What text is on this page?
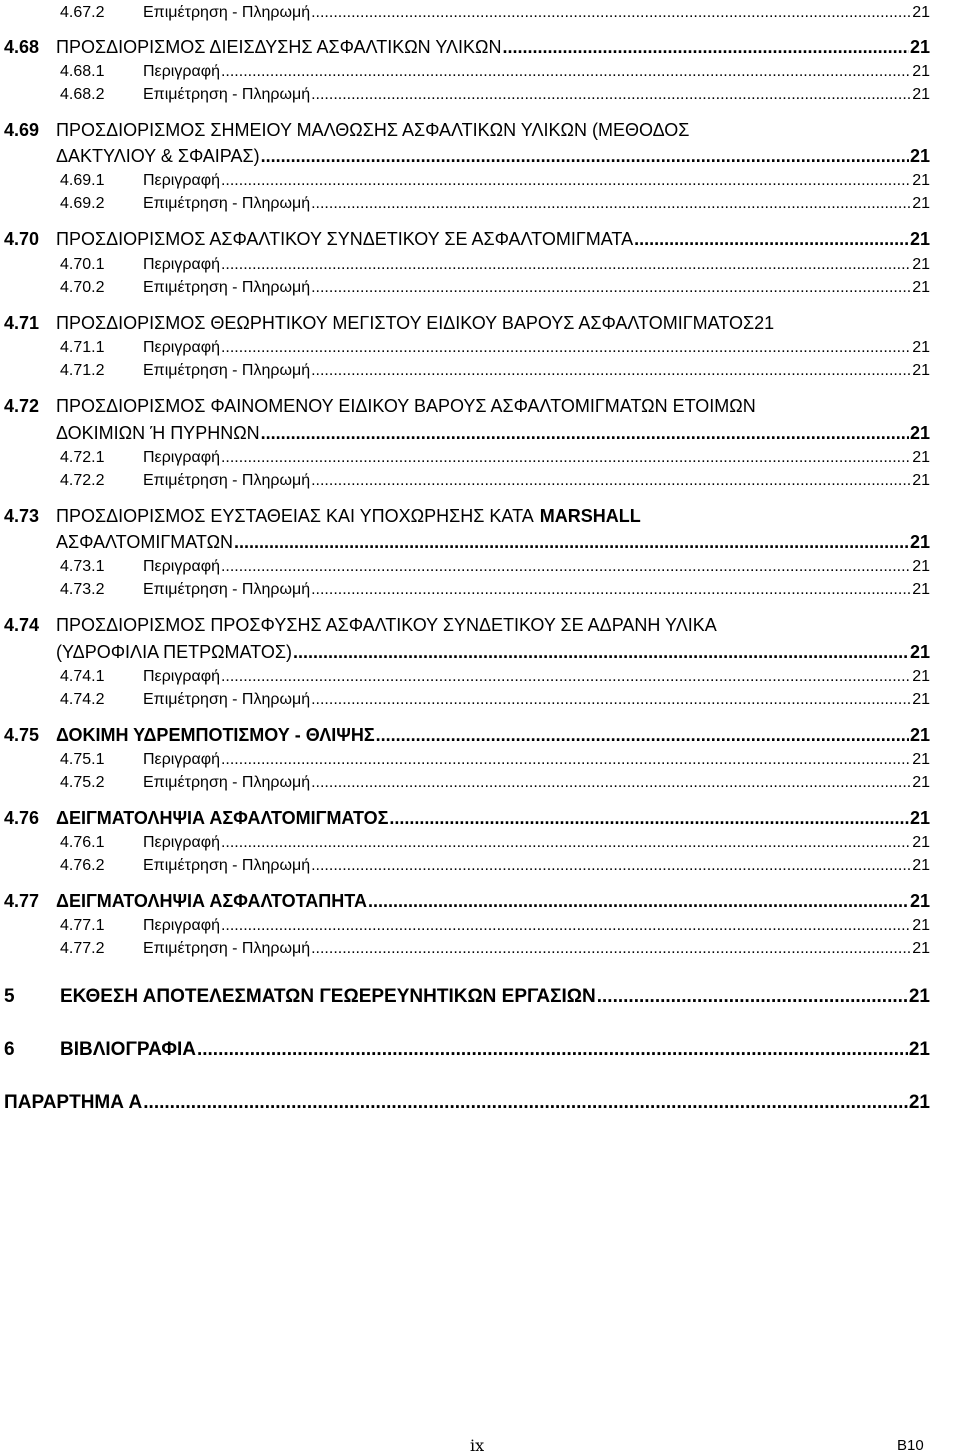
4.67.2	Επιμέτρηση - Πληρωμή .....	21
4.68 ΠΡΟΣΔΙΟΡΙΣΜΟΣ ΔΙΕΙΣΔΥΣΗΣ ΑΣΦΑΛΤΙΚΩΝ ΥΛΙΚΩΝ .....	21
4.68.1	Περιγραφή .....	21
4.68.2	Επιμέτρηση - Πληρωμή .....	21
4.69 ΠΡΟΣΔΙΟΡΙΣΜΟΣ ΣΗΜΕΙΟΥ ΜΑΛΘΩΣΗΣ ΑΣΦΑΛΤΙΚΩΝ ΥΛΙΚΩΝ (ΜΕΘΟΔΟΣ
ΔΑΚΤΥΛΙΟΥ & ΣΦΑΙΡΑΣ) .....	21
4.69.1	Περιγραφή .....	21
4.69.2	Επιμέτρηση - Πληρωμή .....	21
4.70 ΠΡΟΣΔΙΟΡΙΣΜΟΣ ΑΣΦΑΛΤΙΚΟΥ ΣΥΝΔΕΤΙΚΟΥ ΣΕ ΑΣΦΑΛΤΟΜΙΓΜΑΤΑ .....	21
4.70.1	Περιγραφή .....	21
4.70.2	Επιμέτρηση - Πληρωμή .....	21
4.71 ΠΡΟΣΔΙΟΡΙΣΜΟΣ ΘΕΩΡΗΤΙΚΟΥ ΜΕΓΙΣΤΟΥ ΕΙΔΙΚΟΥ ΒΑΡΟΥΣ ΑΣΦΑΛΤΟΜΙΓΜΑΤΟΣ21
4.71.1	Περιγραφή .....	21
4.71.2	Επιμέτρηση - Πληρωμή .....	21
4.72 ΠΡΟΣΔΙΟΡΙΣΜΟΣ ΦΑΙΝΟΜΕΝΟΥ ΕΙΔΙΚΟΥ ΒΑΡΟΥΣ ΑΣΦΑΛΤΟΜΙΓΜΑΤΩΝ ΕΤΟΙΜΩΝ
ΔΟΚΙΜΙΩΝ Ή ΠΥΡΗΝΩΝ .....	21
4.72.1	Περιγραφή .....	21
4.72.2	Επιμέτρηση - Πληρωμή .....	21
4.73 ΠΡΟΣΔΙΟΡΙΣΜΟΣ ΕΥΣΤΑΘΕΙΑΣ ΚΑΙ ΥΠΟΧΩΡΗΣΗΣ ΚΑΤΑ MARSHALL
ΑΣΦΑΛΤΟΜΙΓΜΑΤΩΝ .....	21
4.73.1	Περιγραφή .....	21
4.73.2	Επιμέτρηση - Πληρωμή .....	21
4.74 ΠΡΟΣΔΙΟΡΙΣΜΟΣ ΠΡΟΣΦΥΣΗΣ ΑΣΦΑΛΤΙΚΟΥ ΣΥΝΔΕΤΙΚΟΥ ΣΕ ΑΔΡΑΝΗ ΥΛΙΚΑ
(ΥΔΡΟΦΙΛΙΑ ΠΕΤΡΩΜΑΤΟΣ) .....	21
4.74.1	Περιγραφή .....	21
4.74.2	Επιμέτρηση - Πληρωμή .....	21
4.75 ΔΟΚΙΜΗ ΥΔΡΕΜΠΟΤΙΣΜΟΥ - ΘΛΙΨΗΣ .....	21
4.75.1	Περιγραφή .....	21
4.75.2	Επιμέτρηση - Πληρωμή .....	21
4.76 ΔΕΙΓΜΑΤΟΛΗΨΙΑ ΑΣΦΑΛΤΟΜΙΓΜΑΤΟΣ .....	21
4.76.1	Περιγραφή .....	21
4.76.2	Επιμέτρηση - Πληρωμή .....	21
4.77 ΔΕΙΓΜΑΤΟΛΗΨΙΑ ΑΣΦΑΛΤΟΤΑΠΗΤΑ .....	21
4.77.1	Περιγραφή .....	21
4.77.2	Επιμέτρηση - Πληρωμή .....	21
5	ΕΚΘΕΣΗ ΑΠΟΤΕΛΕΣΜΑΤΩΝ ΓΕΩΕΡΕΥΝΗΤΙΚΩΝ ΕΡΓΑΣΙΩΝ .....	21
6	ΒΙΒΛΙΟΓΡΑΦΙΑ .....	21
ΠΑΡΑΡΤΗΜΑ Α .....	21
ix	B10
